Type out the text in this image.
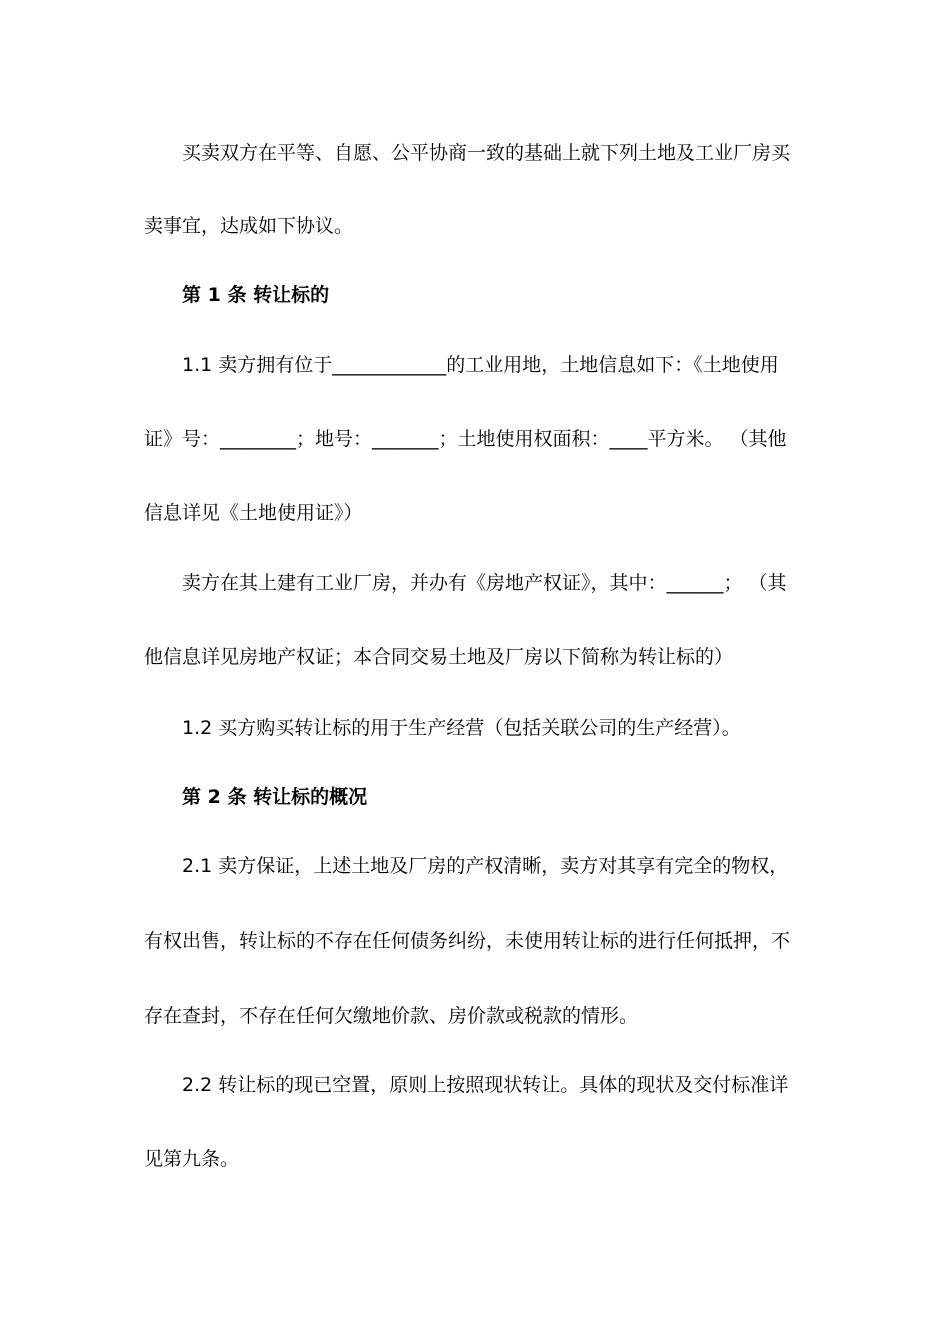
买卖双方在平等、自愿、公平协商一致的基础上就下列土地及工业厂房买
卖事宜，达成如下协议。
第 1 条 转让标的
1.1 卖方拥有位于____________的工业用地，土地信息如下：《土地使用
证》号：________；地号：_______；土地使用权面积：____平方米。 （其他
信息详见《土地使用证》）
卖方在其上建有工业厂房，并办有《房地产权证》，其中：______； （其
他信息详见房地产权证；本合同交易土地及厂房以下简称为转让标的）
1.2 买方购买转让标的用于生产经营（包括关联公司的生产经营）。
第 2 条 转让标的概况
2.1 卖方保证，上述土地及厂房的产权清晰，卖方对其享有完全的物权，
有权出售，转让标的不存在任何债务纠纷，未使用转让标的进行任何抵押，不
存在查封，不存在任何欠缴地价款、房价款或税款的情形。
2.2 转让标的现已空置，原则上按照现状转让。具体的现状及交付标准详
见第九条。
